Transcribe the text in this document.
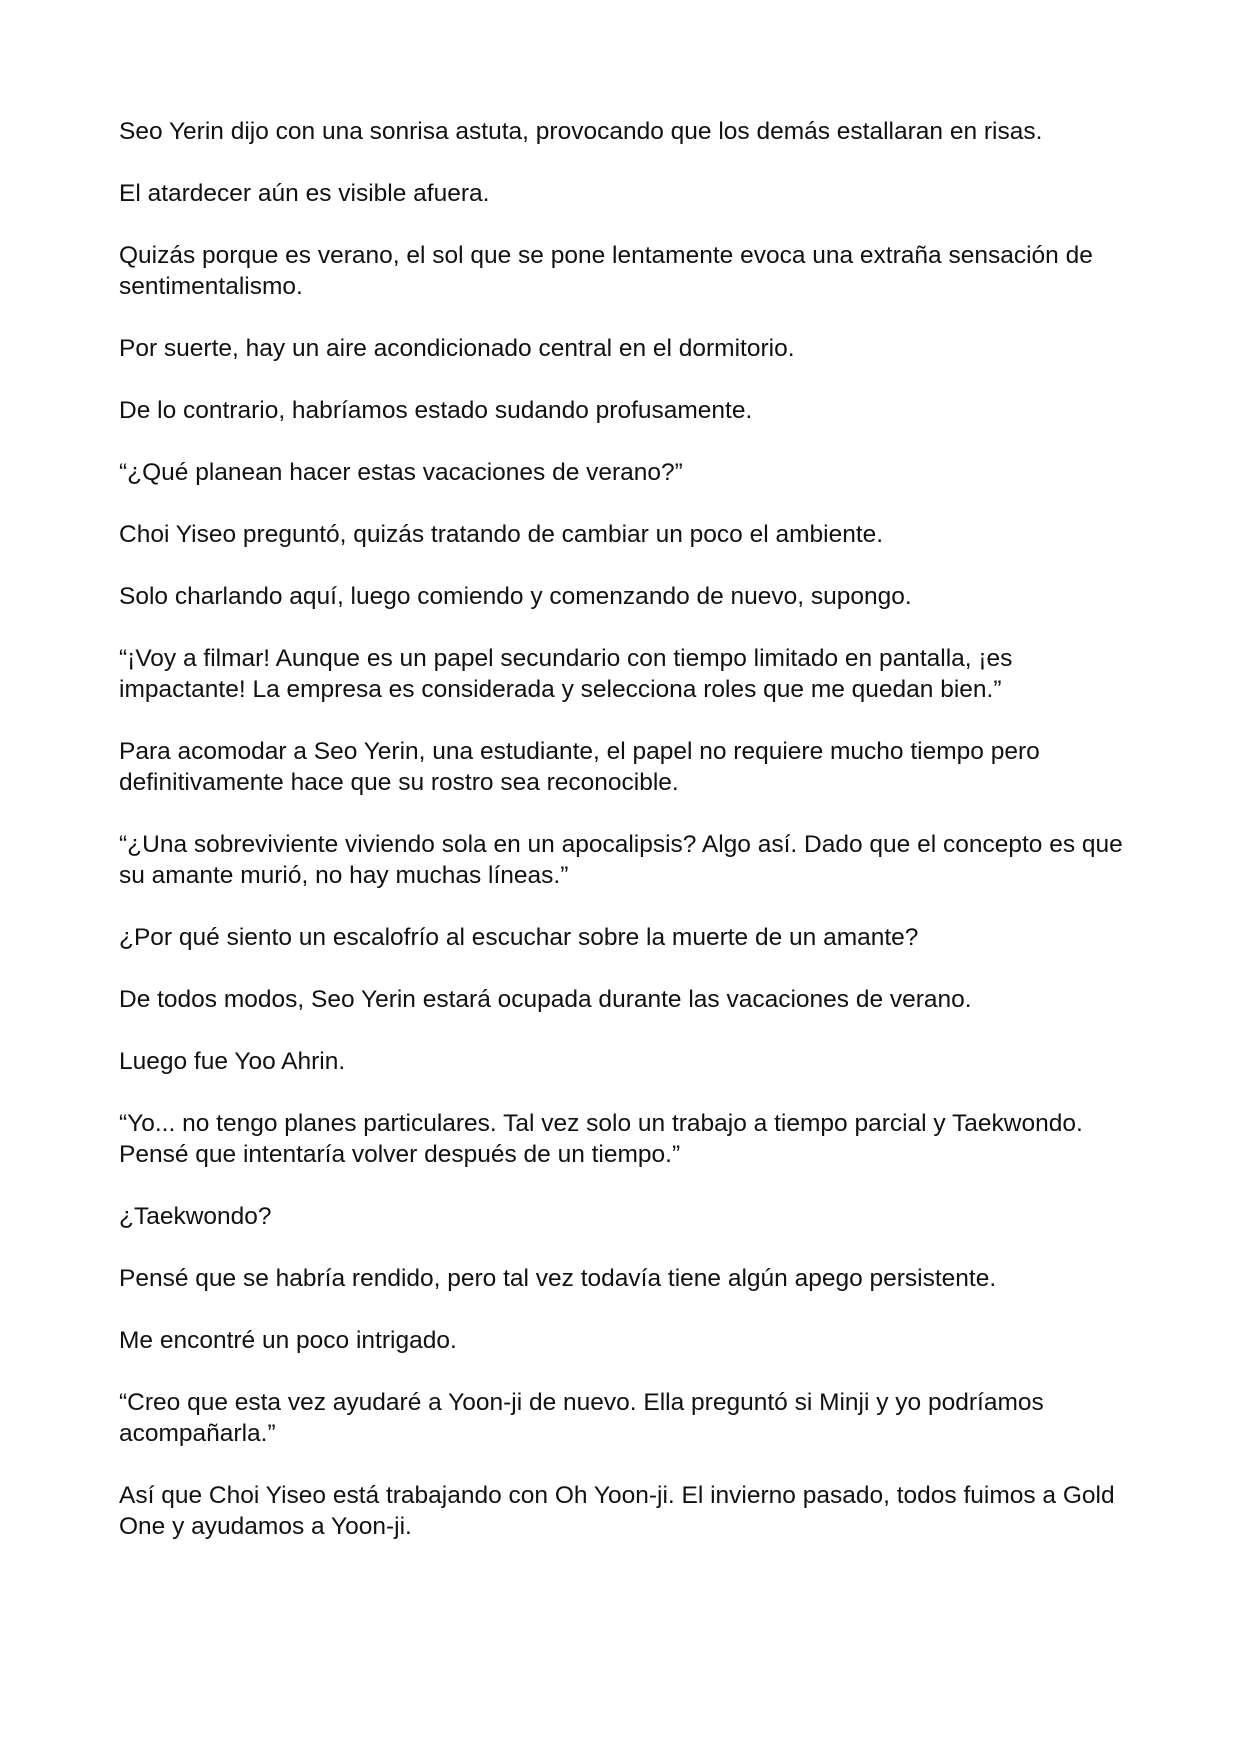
Seo Yerin dijo con una sonrisa astuta, provocando que los demás estallaran en risas.

El atardecer aún es visible afuera.

Quizás porque es verano, el sol que se pone lentamente evoca una extraña sensación de sentimentalismo.

Por suerte, hay un aire acondicionado central en el dormitorio.

De lo contrario, habríamos estado sudando profusamente.

“¿Qué planean hacer estas vacaciones de verano?”

Choi Yiseo preguntó, quizás tratando de cambiar un poco el ambiente.

Solo charlando aquí, luego comiendo y comenzando de nuevo, supongo.

“¡Voy a filmar! Aunque es un papel secundario con tiempo limitado en pantalla, ¡es impactante! La empresa es considerada y selecciona roles que me quedan bien.”

Para acomodar a Seo Yerin, una estudiante, el papel no requiere mucho tiempo pero definitivamente hace que su rostro sea reconocible.

“¿Una sobreviviente viviendo sola en un apocalipsis? Algo así. Dado que el concepto es que su amante murió, no hay muchas líneas.”

¿Por qué siento un escalofrío al escuchar sobre la muerte de un amante?

De todos modos, Seo Yerin estará ocupada durante las vacaciones de verano.

Luego fue Yoo Ahrin.

“Yo... no tengo planes particulares. Tal vez solo un trabajo a tiempo parcial y Taekwondo. Pensé que intentaría volver después de un tiempo.”

¿Taekwondo?

Pensé que se habría rendido, pero tal vez todavía tiene algún apego persistente.

Me encontré un poco intrigado.

“Creo que esta vez ayudaré a Yoon-ji de nuevo. Ella preguntó si Minji y yo podríamos acompañarla.”

Así que Choi Yiseo está trabajando con Oh Yoon-ji. El invierno pasado, todos fuimos a Gold One y ayudamos a Yoon-ji.
